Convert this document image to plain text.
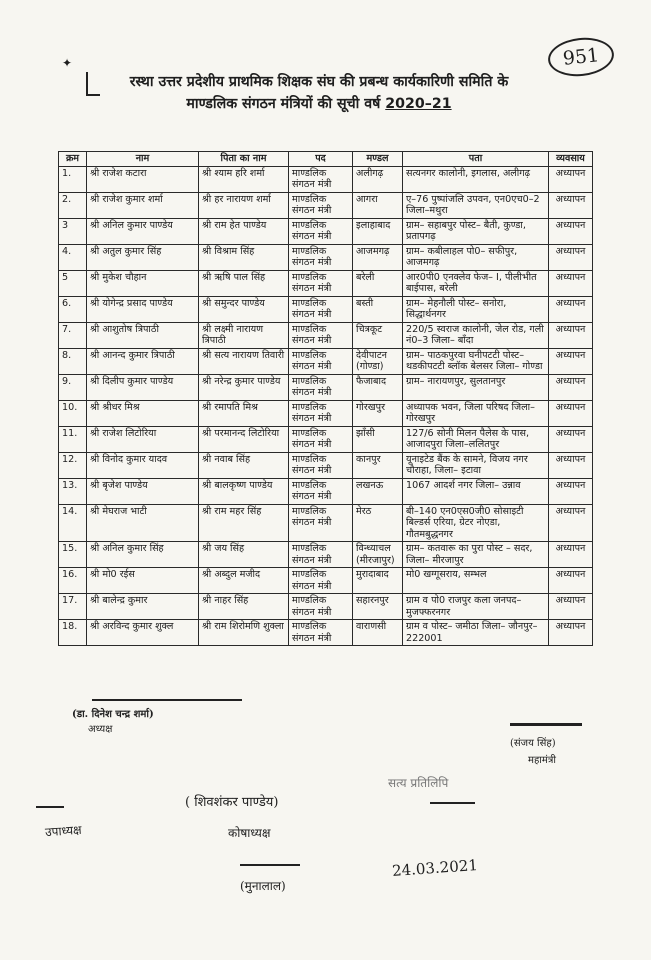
951
✦
रस्था उत्तर प्रदेशीय प्राथमिक शिक्षक संघ की प्रबन्ध कार्यकारिणी समिति के
माण्डलिक संगठन मंत्रियों की सूची वर्ष 2020–21
क्रम	नाम	पिता का नाम	पद	मण्डल	पता	व्यवसाय
1.	श्री राजेश कटारा	श्री श्याम हरि शर्मा	माण्डलिक संगठन मंत्री	अलीगढ़	सत्यनगर कालोनी, इगलास, अलीगढ़	अध्यापन
2.	श्री राजेश कुमार शर्मा	श्री हर नारायण शर्मा	माण्डलिक संगठन मंत्री	आगरा	ए–76 पुष्पांजलि उपवन, एन0एच0–2 जिला–मथुरा	अध्यापन
3	श्री अनिल कुमार पाण्डेय	श्री राम हेत पाण्डेय	माण्डलिक संगठन मंत्री	इलाहाबाद	ग्राम– सहाबपुर पोस्ट– बैती, कुण्डा, प्रतापगढ़	अध्यापन
4.	श्री अतुल कुमार सिंह	श्री विश्राम सिंह	माण्डलिक संगठन मंत्री	आजमगढ़	ग्राम– कबीलाहल पो0– सफीपुर, आजमगढ़	अध्यापन
5	श्री मुकेश चौहान	श्री ऋषि पाल सिंह	माण्डलिक संगठन मंत्री	बरेली	आर0पी0 एनक्लेव फेज– I, पीलीभीत बाईपास, बरेली	अध्यापन
6.	श्री योगेन्द्र प्रसाद पाण्डेय	श्री समुन्दर पाण्डेय	माण्डलिक संगठन मंत्री	बस्ती	ग्राम– मेहनौली पोस्ट– सनोरा, सिद्धार्थनगर	अध्यापन
7.	श्री आशुतोष त्रिपाठी	श्री लक्ष्मी नारायण त्रिपाठी	माण्डलिक संगठन मंत्री	चित्रकूट	220/5 स्वराज कालोनी, जेल रोड, गली नं0–3 जिला– बाँदा	अध्यापन
8.	श्री आनन्द कुमार त्रिपाठी	श्री सत्य नारायण तिवारी	माण्डलिक संगठन मंत्री	देवीपाटन (गोण्डा)	ग्राम– पाठकपुरवा घनीपटटी पोस्ट– थडकीपटटी ब्लॉक बेलसर जिला– गोण्डा	अध्यापन
9.	श्री दिलीप कुमार पाण्डेय	श्री नरेन्द्र कुमार पाण्डेय	माण्डलिक संगठन मंत्री	फैजाबाद	ग्राम– नारायणपुर, सुलतानपुर	अध्यापन
10.	श्री श्रीधर मिश्र	श्री रमापति मिश्र	माण्डलिक संगठन मंत्री	गोरखपुर	अध्यापक भवन, जिला परिषद जिला–गोरखपुर	अध्यापन
11.	श्री राजेश लिटोरिया	श्री परमानन्द लिटोरिया	माण्डलिक संगठन मंत्री	झाँसी	127/6 सोनी मिलन पैलेस के पास, आजादपुरा जिला–ललितपुर	अध्यापन
12.	श्री विनोद कुमार यादव	श्री नवाब सिंह	माण्डलिक संगठन मंत्री	कानपुर	यूनाइटेड बैंक के सामने, विजय नगर चौराहा, जिला– इटावा	अध्यापन
13.	श्री बृजेश पाण्डेय	श्री बालकृष्ण पाण्डेय	माण्डलिक संगठन मंत्री	लखनऊ	1067 आदर्श नगर जिला– उन्नाव	अध्यापन
14.	श्री मेघराज भाटी	श्री राम महर सिंह	माण्डलिक संगठन मंत्री	मेरठ	बी–140 एन0एस0जी0 सोसाइटी बिल्डर्स एरिया, ग्रेटर नोएडा, गौतमबुद्धनगर	अध्यापन
15.	श्री अनिल कुमार सिंह	श्री जय सिंह	माण्डलिक संगठन मंत्री	विन्ध्याचल (मीरजापुर)	ग्राम– कतवारू का पुरा पोस्ट – सदर, जिला– मीरजापुर	अध्यापन
16.	श्री मो0 रईस	श्री अब्दुल मजीद	माण्डलिक संगठन मंत्री	मुरादाबाद	मो0 खग्गूसराय, सम्भल	अध्यापन
17.	श्री बालेन्द्र कुमार	श्री नाहर सिंह	माण्डलिक संगठन मंत्री	सहारनपुर	ग्राम व पो0 राजपुर कला जनपद– मुजफ्फरनगर	अध्यापन
18.	श्री अरविन्द कुमार शुक्ल	श्री राम शिरोमणि शुक्ला	माण्डलिक संगठन मंत्री	वाराणसी	ग्राम व पोस्ट– जमीठा जिला– जौनपुर–222001	अध्यापन
(डा. दिनेश चन्द्र शर्मा)
अध्यक्ष
(संजय सिंह)
महामंत्री
सत्य प्रतिलिपि
( शिवशंकर पाण्डेय)
कोषाध्यक्ष
उपाध्यक्ष
(मुनालाल)
24.03.2021
